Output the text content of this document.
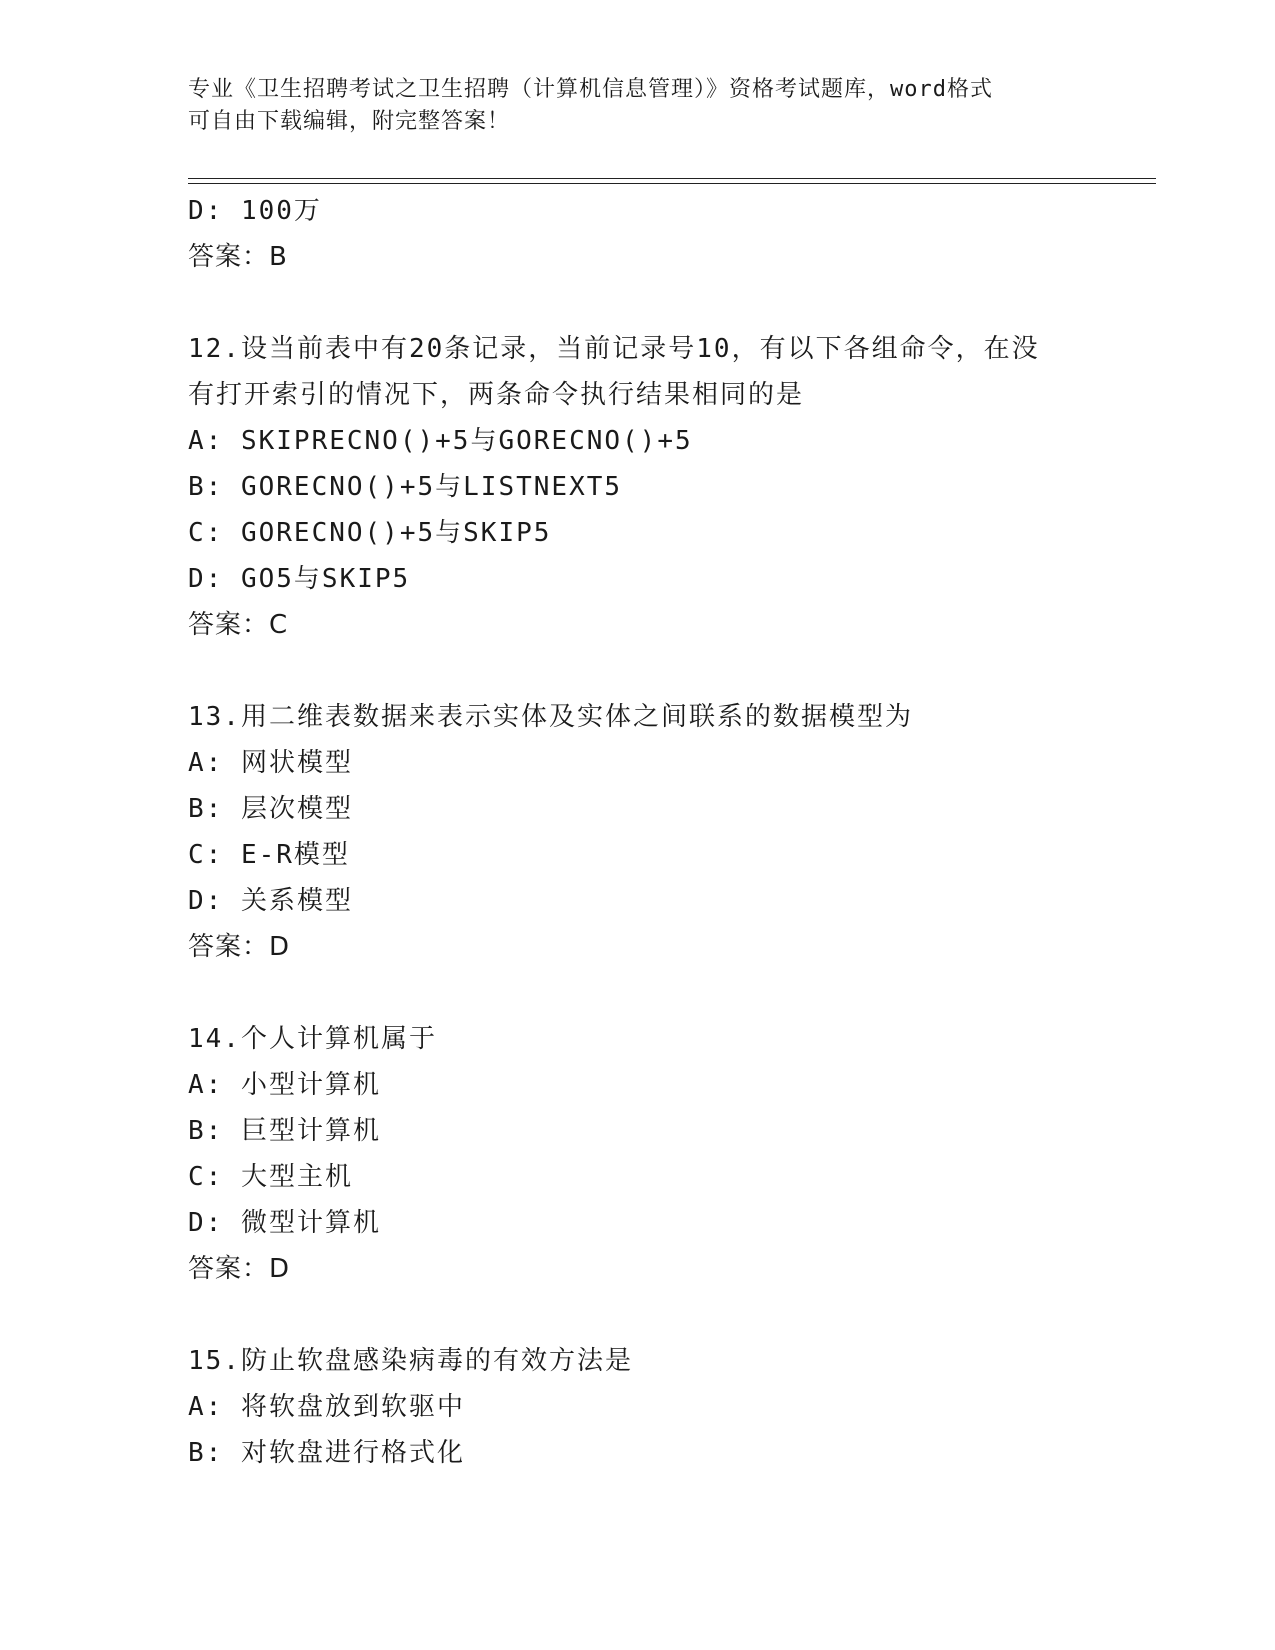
专业《卫生招聘考试之卫生招聘（计算机信息管理）》资格考试题库，word格式
可自由下载编辑，附完整答案！
D: 100万
答案：B
12.设当前表中有20条记录，当前记录号10，有以下各组命令，在没
有打开索引的情况下，两条命令执行结果相同的是
A: SKIPRECNO()+5与GORECNO()+5
B: GORECNO()+5与LISTNEXT5
C: GORECNO()+5与SKIP5
D: GO5与SKIP5
答案：C
13.用二维表数据来表示实体及实体之间联系的数据模型为
A: 网状模型
B: 层次模型
C: E-R模型
D: 关系模型
答案：D
14.个人计算机属于
A: 小型计算机
B: 巨型计算机
C: 大型主机
D: 微型计算机
答案：D
15.防止软盘感染病毒的有效方法是
A: 将软盘放到软驱中
B: 对软盘进行格式化
